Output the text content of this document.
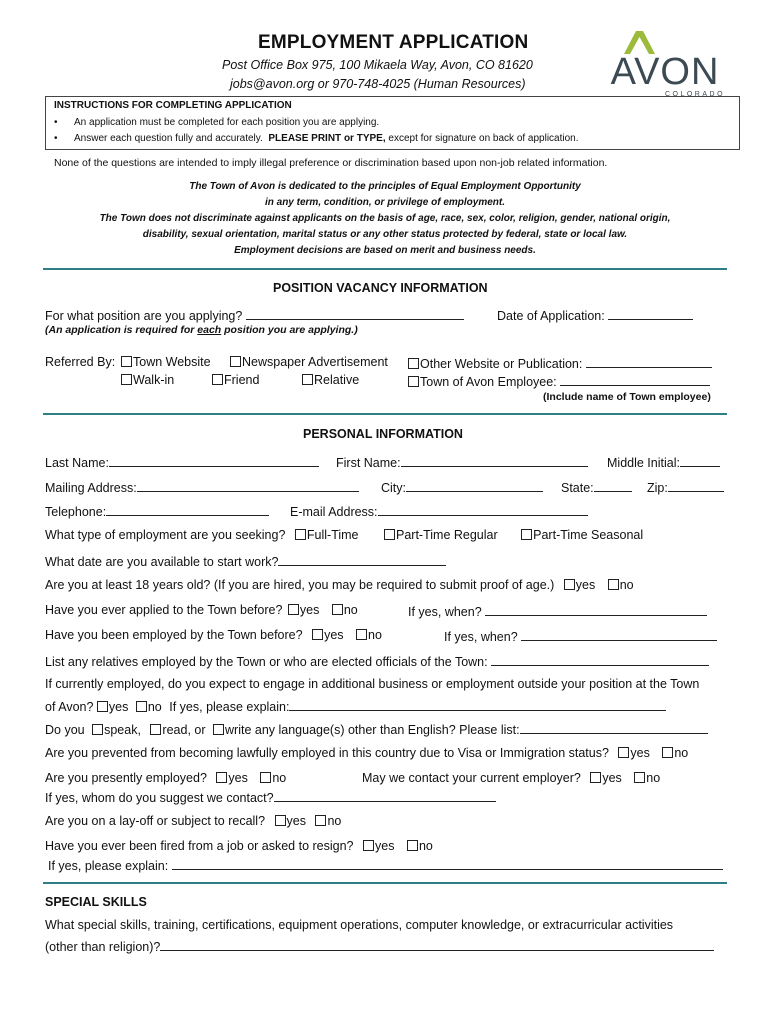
EMPLOYMENT APPLICATION
Post Office Box 975, 100 Mikaela Way, Avon, CO 81620
jobs@avon.org or 970-748-4025 (Human Resources) AVON
COLORADO
INSTRUCTIONS FOR COMPLETING APPLICATION
• An application must be completed for each position you are applying.
• Answer each question fully and accurately. PLEASE PRINT or TYPE, except for signature on back of application.
None of the questions are intended to imply illegal preference or discrimination based upon non-job related information.
The Town of Avon is dedicated to the principles of Equal Employment Opportunity
in any term, condition, or privilege of employment.
The Town does not discriminate against applicants on the basis of age, race, sex, color, religion, gender, national origin,
disability, sexual orientation, marital status or any other status protected by federal, state or local law.
Employment decisions are based on merit and business needs.
POSITION VACANCY INFORMATION
For what position are you applying?	Date of Application:
(An application is required for each position you are applying.)
Referred By:	Town Website	Newspaper Advertisement	Other Website or Publication:
Walk-in	Friend	Relative	Town of Avon Employee:
(Include name of Town employee)
PERSONAL INFORMATION
Last Name:	First Name:	Middle Initial:
Mailing Address:	City:	State:	Zip:
Telephone:	E-mail Address:
What type of employment are you seeking? Full-Time	Part-Time Regular	Part-Time Seasonal
What date are you available to start work?
Are you at least 18 years old? (If you are hired, you may be required to submit proof of age.) yes no
Have you ever applied to the Town before? yes no	If yes, when?
Have you been employed by the Town before? yes no	If yes, when?
List any relatives employed by the Town or who are elected officials of the Town:
If currently employed, do you expect to engage in additional business or employment outside your position at the Town
of Avon? yes no If yes, please explain:
Do you speak, read, or write any language(s) other than English? Please list:
Are you prevented from becoming lawfully employed in this country due to Visa or Immigration status? yes no
Are you presently employed? yes no	May we contact your current employer? yes no
If yes, whom do you suggest we contact?
Are you on a lay-off or subject to recall? yes no
Have you ever been fired from a job or asked to resign? yes no
If yes, please explain:
SPECIAL SKILLS
What special skills, training, certifications, equipment operations, computer knowledge, or extracurricular activities
(other than religion)?
